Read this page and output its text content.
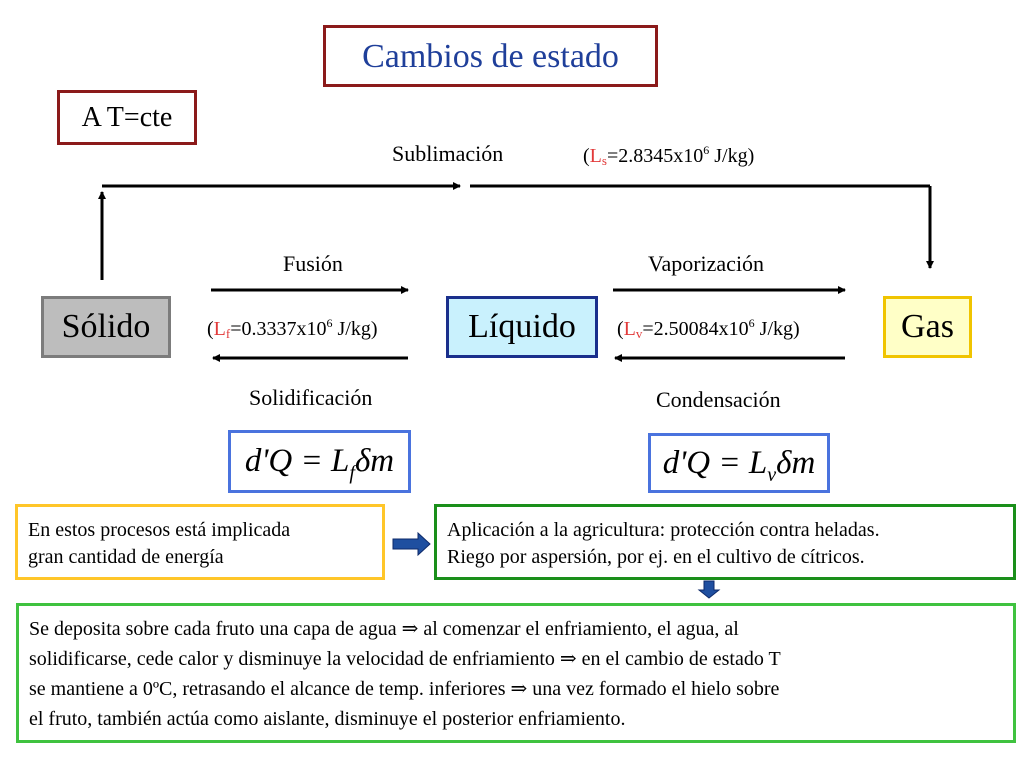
Cambios de estado
A T=cte
Sublimación	($L_s=2.8345x10^6$ J/kg)
Fusión	Vaporización
Sólido	Líquido	Gas
($L_f=0.3337x10^6$ J/kg)	($L_v=2.50084x10^6$ J/kg)
Solidificación	Condensación
$d'Q = L_f\delta m$	$d'Q = L_v\delta m$
En estos procesos está implicada
gran cantidad de energía
Aplicación a la agricultura: protección contra heladas.
Riego por aspersión, por ej. en el cultivo de cítricos.
Se deposita sobre cada fruto una capa de agua ⇒ al comenzar el enfriamiento, el agua, al
solidificarse, cede calor y disminuye la velocidad de enfriamiento ⇒ en el cambio de estado T
se mantiene a 0ºC, retrasando el alcance de temp. inferiores ⇒ una vez formado el hielo sobre
el fruto, también actúa como aislante, disminuye el posterior enfriamiento.
